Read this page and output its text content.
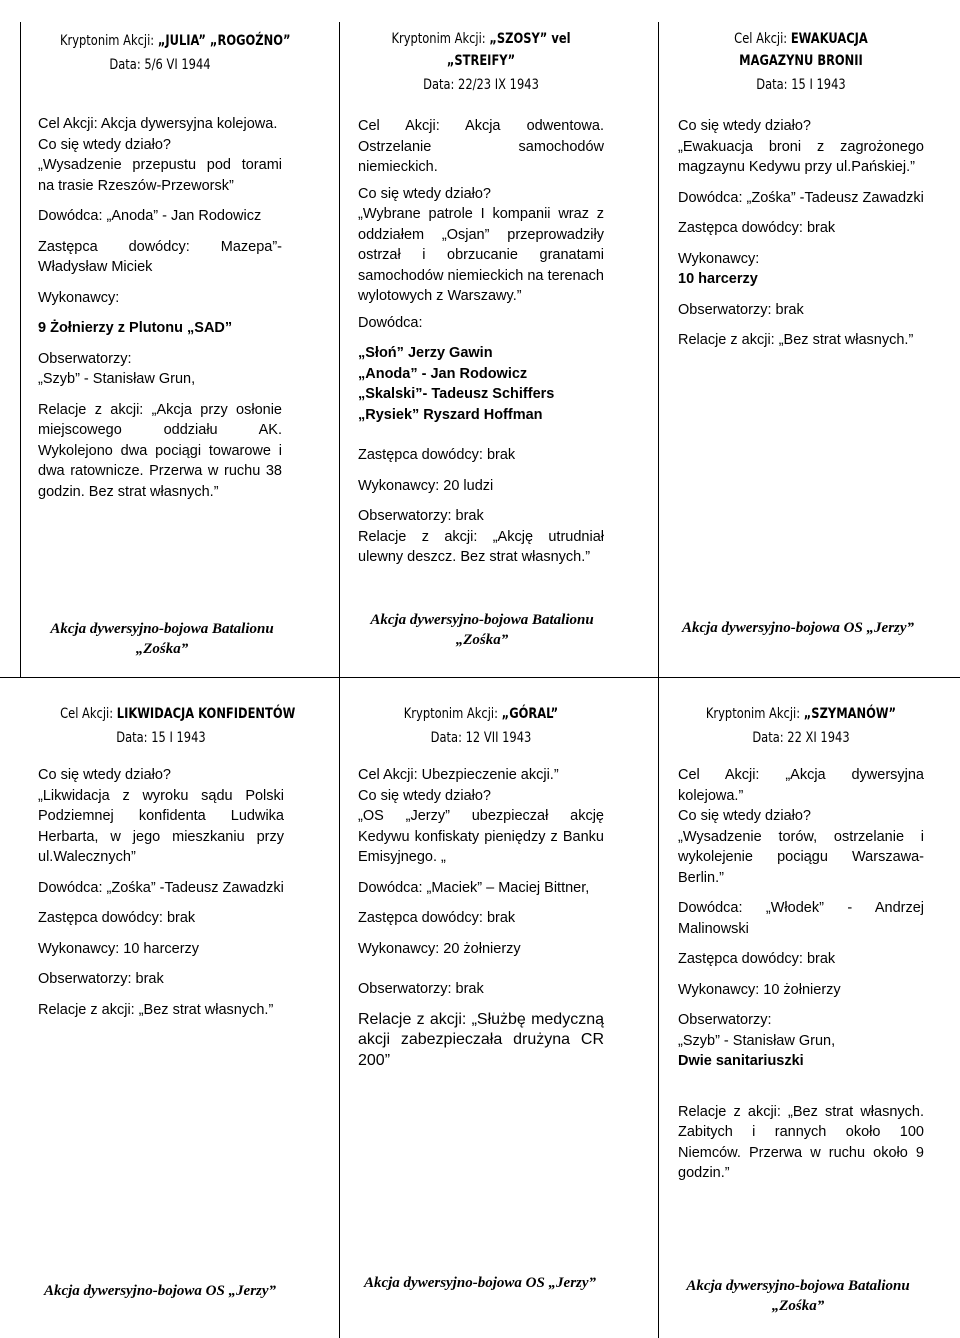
Kryptonim Akcji: „JULIA” „ROGOŹNO”
Data: 5/6 VI 1944

Cel Akcji: Akcja dywersyjna kolejowa.

Co się wtedy działo?

„Wysadzenie przepustu pod torami na trasie Rzeszów-Przeworsk”

Dowódca: „Anoda” - Jan Rodowicz

Zastępca dowódcy: Mazepa”- Władysław Miciek

Wykonawcy:

9 Żołnierzy z Plutonu „SAD”

Obserwatorzy:

„Szyb” - Stanisław Grun,

Relacje z akcji: „Akcja przy osłonie miejscowego oddziału AK. Wykolejono dwa pociągi towarowe i dwa ratownicze. Przerwa w ruchu 38 godzin. Bez strat własnych.”

Akcja dywersyjno-bojowa Batalionu „Zośka”
Kryptonim Akcji: „SZOSY” vel „STREIFY”
Data: 22/23 IX 1943

Cel Akcji: Akcja odwentowa. Ostrzelanie samochodów niemieckich.

Co się wtedy działo?

„Wybrane patrole I kompanii wraz z oddziałem „Osjan” przeprowadziły ostrzał i obrzucanie granatami samochodów niemieckich na terenach wylotowych z Warszawy.”

Dowódca:

„Słoń” Jerzy Gawin

„Anoda” - Jan Rodowicz

„Skalski”- Tadeusz Schiffers

„Rysiek” Ryszard Hoffman

Zastępca dowódcy: brak

Wykonawcy: 20 ludzi

Obserwatorzy: brak

Relacje z akcji: „Akcję utrudniał ulewny deszcz. Bez strat własnych.”

Akcja dywersyjno-bojowa Batalionu „Zośka”
Cel Akcji: EWAKUACJA MAGAZYNU BRONII
Data: 15 I 1943

Co się wtedy działo?

„Ewakuacja broni z zagrożonego magzaynu Kedywu przy ul.Pańskiej.”

Dowódca: „Zośka” -Tadeusz Zawadzki

Zastępca dowódcy: brak

Wykonawcy:

10 harcerzy

Obserwatorzy: brak

Relacje z akcji: „Bez strat własnych.”

Akcja dywersyjno-bojowa OS „Jerzy”
Cel Akcji: LIKWIDACJA KONFIDENTÓW
Data: 15 I 1943

Co się wtedy działo?

„Likwidacja z wyroku sądu Polski Podziemnej konfidenta Ludwika Herbarta, w jego mieszkaniu przy ul.Walecznych”

Dowódca: „Zośka” -Tadeusz Zawadzki

Zastępca dowódcy: brak

Wykonawcy: 10 harcerzy

Obserwatorzy: brak

Relacje z akcji: „Bez strat własnych.”

Akcja dywersyjno-bojowa OS „Jerzy”
Kryptonim Akcji: „GÓRAL”
Data: 12 VII 1943

Cel Akcji: Ubezpieczenie akcji.”

Co się wtedy działo?

„OS „Jerzy” ubezpieczał akcję Kedywu konfiskaty pieniędzy z Banku Emisyjnego. „

Dowódca: „Maciek” – Maciej Bittner,

Zastępca dowódcy: brak

Wykonawcy: 20 żołnierzy

Obserwatorzy: brak

Relacje z akcji: „Służbę medyczną akcji zabezpieczała drużyna CR 200”

Akcja dywersyjno-bojowa OS „Jerzy”
Kryptonim Akcji: „SZYMANÓW”
Data: 22 XI 1943

Cel Akcji: „Akcja dywersyjna kolejowa.”

Co się wtedy działo?

„Wysadzenie torów, ostrzelanie i wykolejenie pociągu Warszawa-Berlin.”

Dowódca: „Włodek” - Andrzej Malinowski

Zastępca dowódcy: brak

Wykonawcy: 10 żołnierzy

Obserwatorzy:

„Szyb” - Stanisław Grun,

Dwie sanitariuszki

Relacje z akcji: „Bez strat własnych. Zabitych i rannych około 100 Niemców. Przerwa w ruchu około 9 godzin.”

Akcja dywersyjno-bojowa Batalionu „Zośka”
